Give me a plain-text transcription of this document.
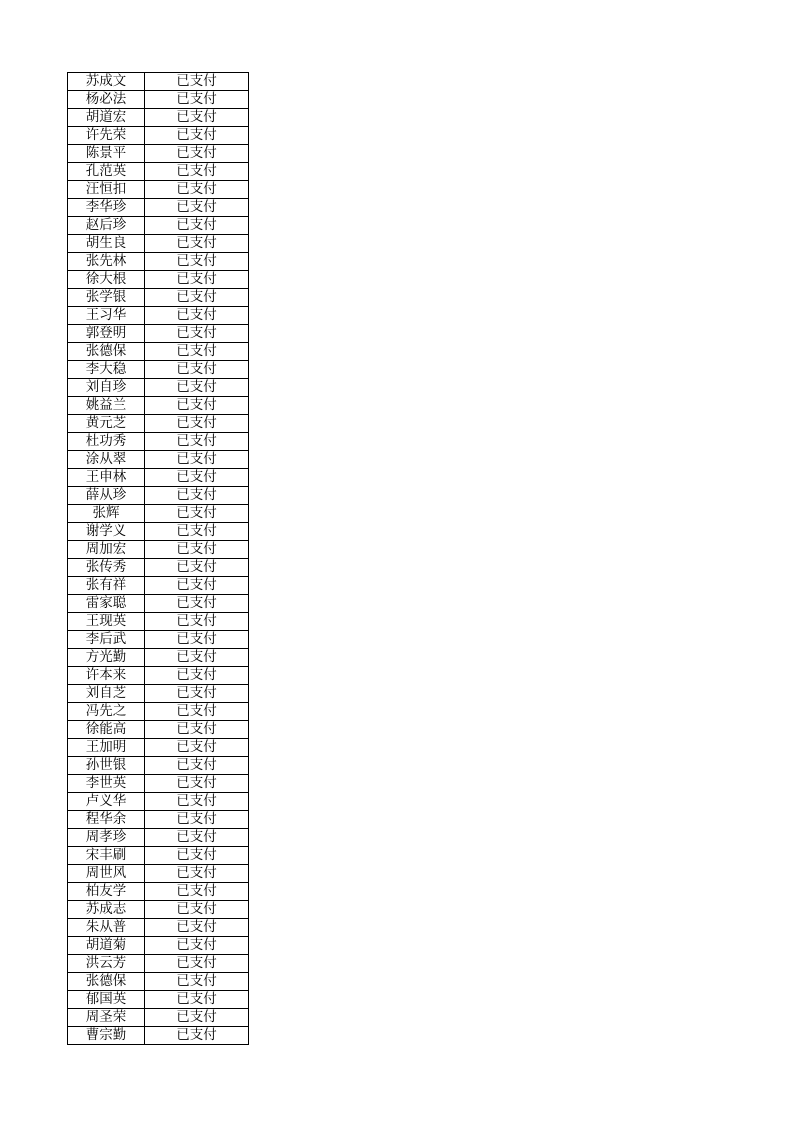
苏成文	已支付
杨必法	已支付
胡道宏	已支付
许先荣	已支付
陈景平	已支付
孔范英	已支付
汪恒扣	已支付
李华珍	已支付
赵后珍	已支付
胡生良	已支付
张先林	已支付
徐大根	已支付
张学银	已支付
王习华	已支付
郭登明	已支付
张德保	已支付
李大稳	已支付
刘自珍	已支付
姚益兰	已支付
黄元芝	已支付
杜功秀	已支付
涂从翠	已支付
王申林	已支付
薛从珍	已支付
张辉	已支付
谢学义	已支付
周加宏	已支付
张传秀	已支付
张有祥	已支付
雷家聪	已支付
王现英	已支付
李后武	已支付
方光勤	已支付
许本来	已支付
刘自芝	已支付
冯先之	已支付
徐能高	已支付
王加明	已支付
孙世银	已支付
李世英	已支付
卢义华	已支付
程华余	已支付
周孝珍	已支付
宋丰刷	已支付
周世风	已支付
柏友学	已支付
苏成志	已支付
朱从普	已支付
胡道菊	已支付
洪云芳	已支付
张德保	已支付
郁国英	已支付
周圣荣	已支付
曹宗勤	已支付
